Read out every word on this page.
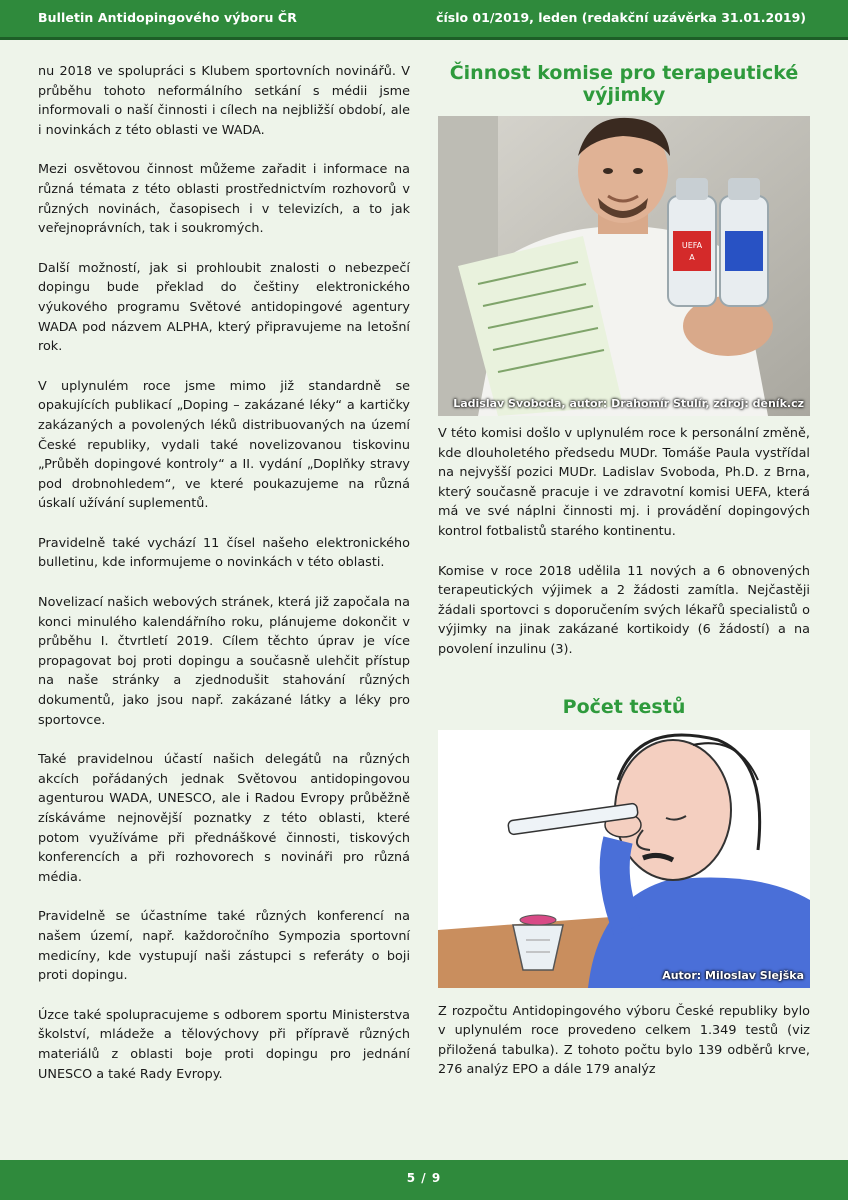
Bulletin Antidopingového výboru ČR	číslo 01/2019, leden (redakční uzávěrka 31.01.2019)

nu 2018 ve spolupráci s Klubem sportovních novinářů. V průběhu tohoto neformálního setkání s médii jsme informovali o naší činnosti i cílech na nejbližší období, ale i novinkách z této oblasti ve WADA.

Mezi osvětovou činnost můžeme zařadit i informace na různá témata z této oblasti prostřednictvím rozhovorů v různých novinách, časopisech i v televizích, a to jak veřejnoprávních, tak i soukromých.

Další možností, jak si prohloubit znalosti o nebezpečí dopingu bude překlad do češtiny elektronického výukového programu Světové antidopingové agentury WADA pod názvem ALPHA, který připravujeme na letošní rok.

V uplynulém roce jsme mimo již standardně se opakujících publikací „Doping – zakázané léky“ a kartičky zakázaných a povolených léků distribuovaných na území České republiky, vydali také novelizovanou tiskovinu „Průběh dopingové kontroly“ a II. vydání „Doplňky stravy pod drobnohledem“, ve které poukazujeme na různá úskalí užívání suplementů.

Pravidelně také vychází 11 čísel našeho elektronického bulletinu, kde informujeme o novinkách v této oblasti.

Novelizací našich webových stránek, která již započala na konci minulého kalendářního roku, plánujeme dokončit v průběhu I. čtvrtletí 2019. Cílem těchto úprav je více propagovat boj proti dopingu a současně ulehčit přístup na naše stránky a zjednodušit stahování různých dokumentů, jako jsou např. zakázané látky a léky pro sportovce.

Také pravidelnou účastí našich delegátů na různých akcích pořádaných jednak Světovou antidopingovou agenturou WADA, UNESCO, ale i Radou Evropy průběžně získáváme nejnovější poznatky z této oblasti, které potom využíváme při přednáškové činnosti, tiskových konferencích a při rozhovorech s novináři pro různá média.

Pravidelně se účastníme také různých konferencí na našem území, např. každoročního Sympozia sportovní medicíny, kde vystupují naši zástupci s referáty o boji proti dopingu.

Úzce také spolupracujeme s odborem sportu Ministerstva školství, mládeže a tělovýchovy při přípravě různých materiálů z oblasti boje proti dopingu pro jednání UNESCO a také Rady Evropy.

Činnost komise pro terapeutické výjimky
UEFA
A
Ladislav Svoboda, autor: Drahomír Stulír, zdroj: deník.cz

V této komisi došlo v uplynulém roce k personální změně, kde dlouholetého předsedu MUDr. Tomáše Paula vystřídal na nejvyšší pozici MUDr. Ladislav Svoboda, Ph.D. z Brna, který současně pracuje i ve zdravotní komisi UEFA, která má ve své náplni činnosti mj. i provádění dopingových kontrol fotbalistů starého kontinentu.

Komise v roce 2018 udělila 11 nových a 6 obnovených terapeutických výjimek a 2 žádosti zamítla. Nejčastěji žádali sportovci s doporučením svých lékařů specialistů o výjimky na jinak zakázané kortikoidy (6 žádostí) a na povolení inzulinu (3).

Počet testů
Autor: Miloslav Slejška

Z rozpočtu Antidopingového výboru České republiky bylo v uplynulém roce provedeno celkem 1.349 testů (viz přiložená tabulka). Z tohoto počtu bylo 139 odběrů krve, 276 analýz EPO a dále 179 analýz

5 / 9
